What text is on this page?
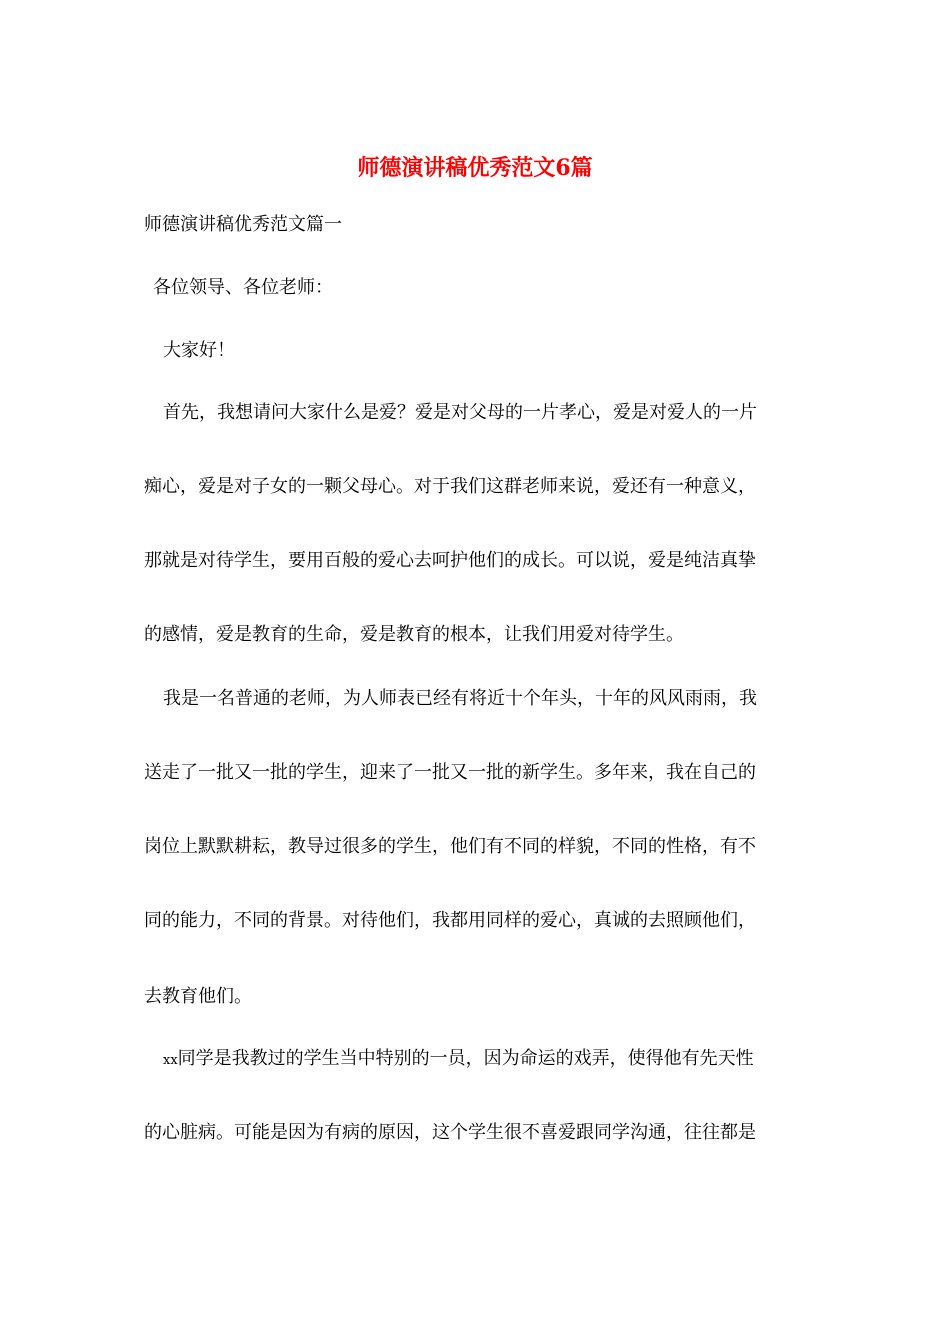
师德演讲稿优秀范文6篇
师德演讲稿优秀范文篇一
各位领导、各位老师：
大家好！
首先，我想请问大家什么是爱？爱是对父母的一片孝心，爱是对爱人的一片
痴心，爱是对子女的一颗父母心。对于我们这群老师来说，爱还有一种意义，
那就是对待学生，要用百般的爱心去呵护他们的成长。可以说，爱是纯洁真挚
的感情，爱是教育的生命，爱是教育的根本，让我们用爱对待学生。
我是一名普通的老师，为人师表已经有将近十个年头，十年的风风雨雨，我
送走了一批又一批的学生，迎来了一批又一批的新学生。多年来，我在自己的
岗位上默默耕耘，教导过很多的学生，他们有不同的样貌，不同的性格，有不
同的能力，不同的背景。对待他们，我都用同样的爱心，真诚的去照顾他们，
去教育他们。
xx同学是我教过的学生当中特别的一员，因为命运的戏弄，使得他有先天性
的心脏病。可能是因为有病的原因，这个学生很不喜爱跟同学沟通，往往都是
